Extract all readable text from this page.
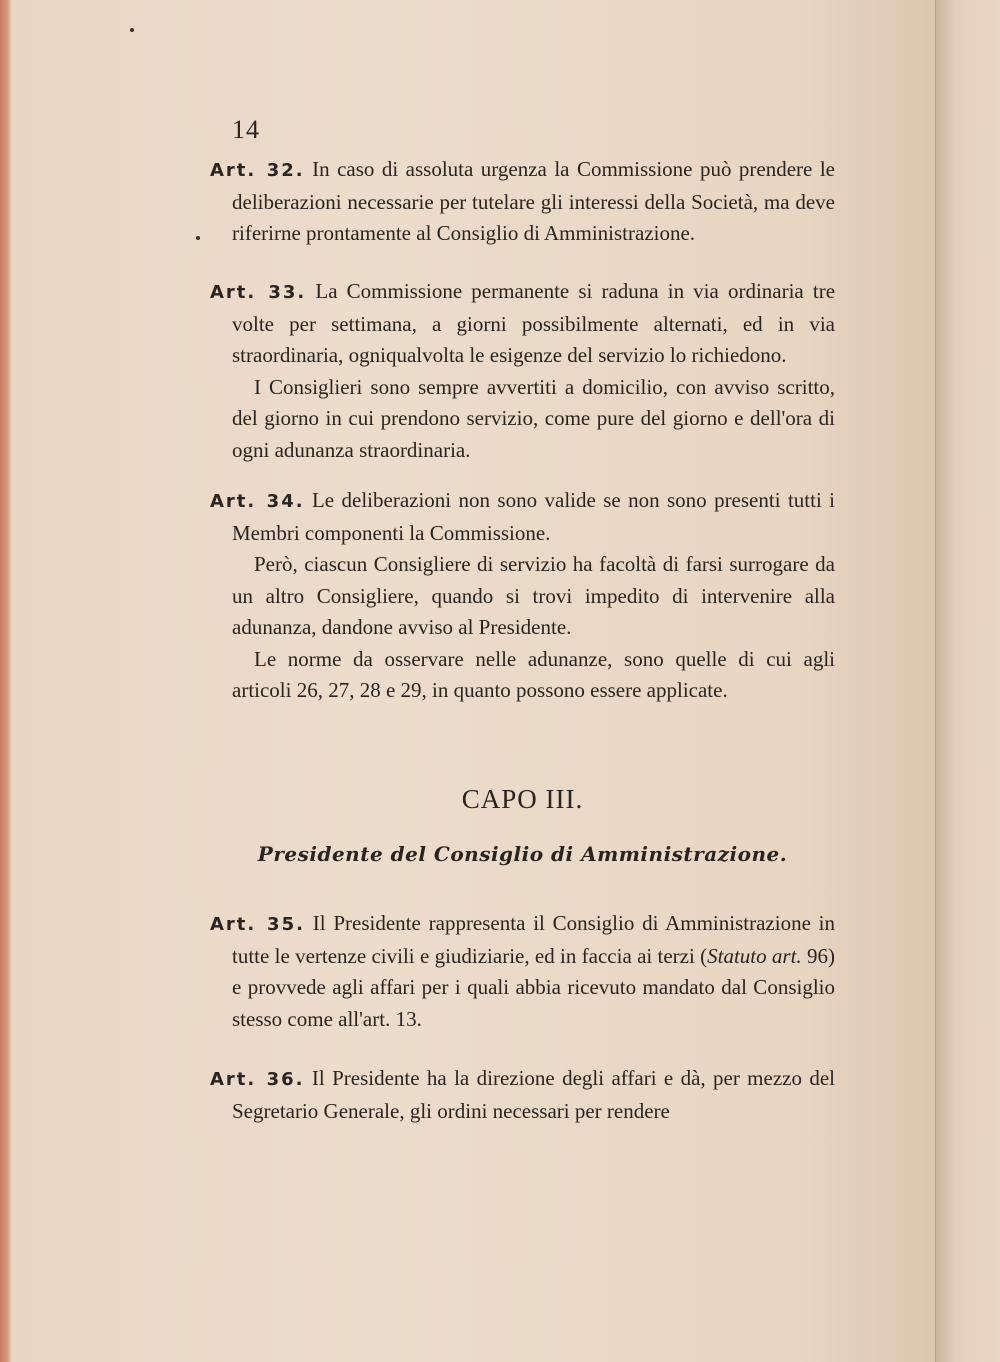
14

Art. 32. In caso di assoluta urgenza la Commissione può prendere le deliberazioni necessarie per tutelare gli interessi della Società, ma deve riferirne prontamente al Consiglio di Amministrazione.

Art. 33. La Commissione permanente si raduna in via ordinaria tre volte per settimana, a giorni possibilmente alternati, ed in via straordinaria, ogniqualvolta le esigenze del servizio lo richiedono.

I Consiglieri sono sempre avvertiti a domicilio, con avviso scritto, del giorno in cui prendono servizio, come pure del giorno e dell'ora di ogni adunanza straordinaria.

Art. 34. Le deliberazioni non sono valide se non sono presenti tutti i Membri componenti la Commissione.

Però, ciascun Consigliere di servizio ha facoltà di farsi surrogare da un altro Consigliere, quando si trovi impedito di intervenire alla adunanza, dandone avviso al Presidente.

Le norme da osservare nelle adunanze, sono quelle di cui agli articoli 26, 27, 28 e 29, in quanto possono essere applicate.

CAPO III.
Presidente del Consiglio di Amministrazione.

Art. 35. Il Presidente rappresenta il Consiglio di Amministrazione in tutte le vertenze civili e giudiziarie, ed in faccia ai terzi (Statuto art. 96) e provvede agli affari per i quali abbia ricevuto mandato dal Consiglio stesso come all'art. 13.

Art. 36. Il Presidente ha la direzione degli affari e dà, per mezzo del Segretario Generale, gli ordini necessari per rendere
